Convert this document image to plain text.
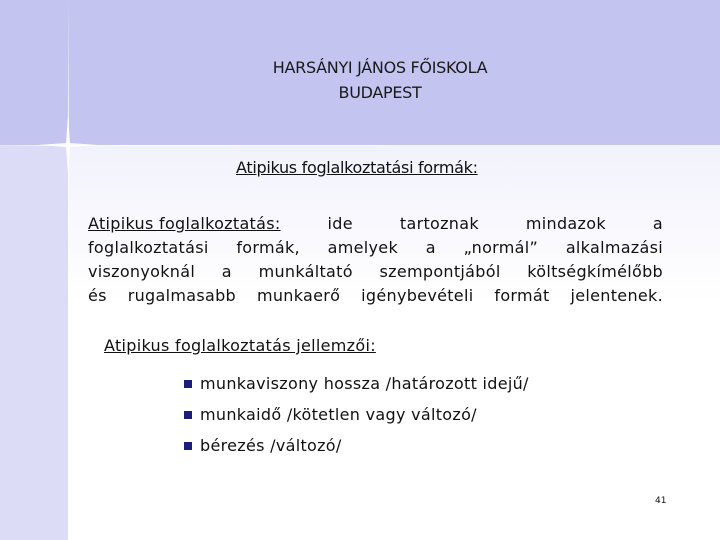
HARSÁNYI JÁNOS FŐISKOLA
BUDAPEST
Atipikus foglalkoztatási formák:
Atipikus foglalkoztatás:	ide	tartoznak	mindazok	a
foglalkoztatási formák, amelyek a „normál” alkalmazási
viszonyoknál a munkáltató szempontjából költségkímélőbb
és rugalmasabb munkaerő igénybevételi formát jelentenek.
Atipikus foglalkoztatás jellemzői:
munkaviszony hossza /határozott idejű/
munkaidő /kötetlen vagy változó/
bérezés /változó/
41
